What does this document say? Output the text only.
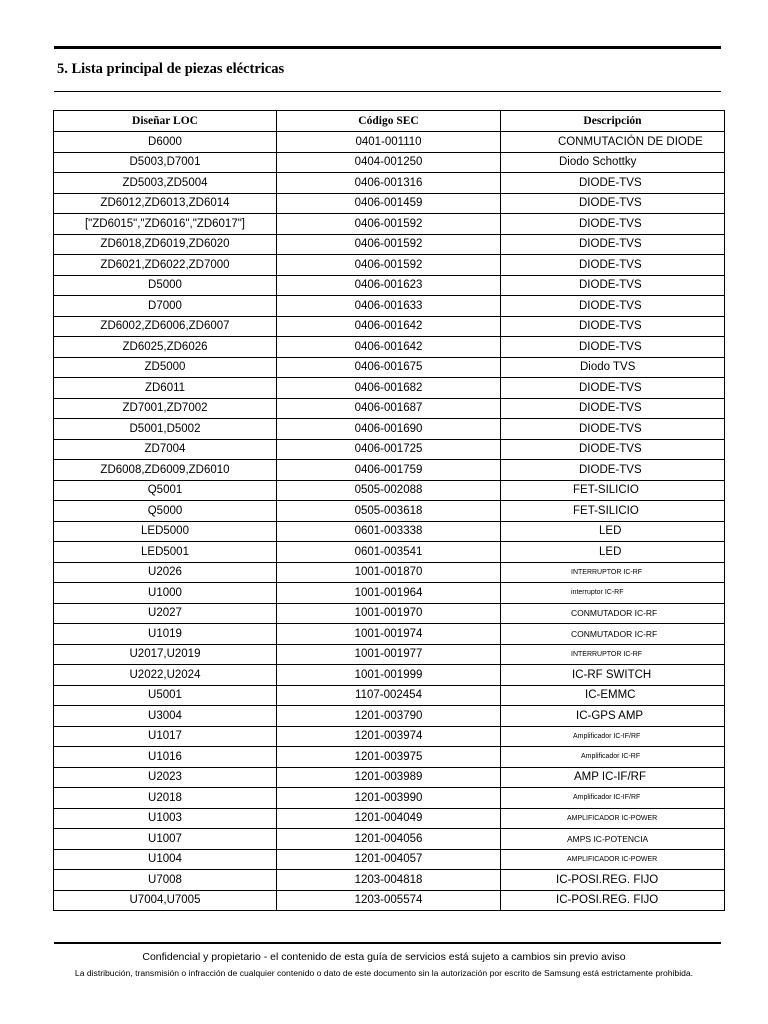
5. Lista principal de piezas eléctricas
Diseñar LOC	Código SEC	Descripción
D6000	0401-001110	CONMUTACIÓN DE DIODE
D5003,D7001	0404-001250	Diodo Schottky
ZD5003,ZD5004	0406-001316	DIODE-TVS
ZD6012,ZD6013,ZD6014	0406-001459	DIODE-TVS
["ZD6015","ZD6016","ZD6017"]	0406-001592	DIODE-TVS
ZD6018,ZD6019,ZD6020	0406-001592	DIODE-TVS
ZD6021,ZD6022,ZD7000	0406-001592	DIODE-TVS
D5000	0406-001623	DIODE-TVS
D7000	0406-001633	DIODE-TVS
ZD6002,ZD6006,ZD6007	0406-001642	DIODE-TVS
ZD6025,ZD6026	0406-001642	DIODE-TVS
ZD5000	0406-001675	Diodo TVS
ZD6011	0406-001682	DIODE-TVS
ZD7001,ZD7002	0406-001687	DIODE-TVS
D5001,D5002	0406-001690	DIODE-TVS
ZD7004	0406-001725	DIODE-TVS
ZD6008,ZD6009,ZD6010	0406-001759	DIODE-TVS
Q5001	0505-002088	FET-SILICIO
Q5000	0505-003618	FET-SILICIO
LED5000	0601-003338	LED
LED5001	0601-003541	LED
U2026	1001-001870	INTERRUPTOR IC-RF
U1000	1001-001964	interruptor IC-RF
U2027	1001-001970	CONMUTADOR IC-RF
U1019	1001-001974	CONMUTADOR IC-RF
U2017,U2019	1001-001977	INTERRUPTOR IC-RF
U2022,U2024	1001-001999	IC-RF SWITCH
U5001	1107-002454	IC-EMMC
U3004	1201-003790	IC-GPS AMP
U1017	1201-003974	Amplificador IC-IF/RF
U1016	1201-003975	Amplificador IC-RF
U2023	1201-003989	AMP IC-IF/RF
U2018	1201-003990	Amplificador IC-IF/RF
U1003	1201-004049	AMPLIFICADOR IC-POWER
U1007	1201-004056	AMPS IC-POTENCIA
U1004	1201-004057	AMPLIFICADOR IC-POWER
U7008	1203-004818	IC-POSI.REG. FIJO
U7004,U7005	1203-005574	IC-POSI.REG. FIJO
Confidencial y propietario - el contenido de esta guía de servicios está sujeto a cambios sin previo aviso
La distribución, transmisión o infracción de cualquier contenido o dato de este documento sin la autorización por escrito de Samsung está estrictamente prohibida.
